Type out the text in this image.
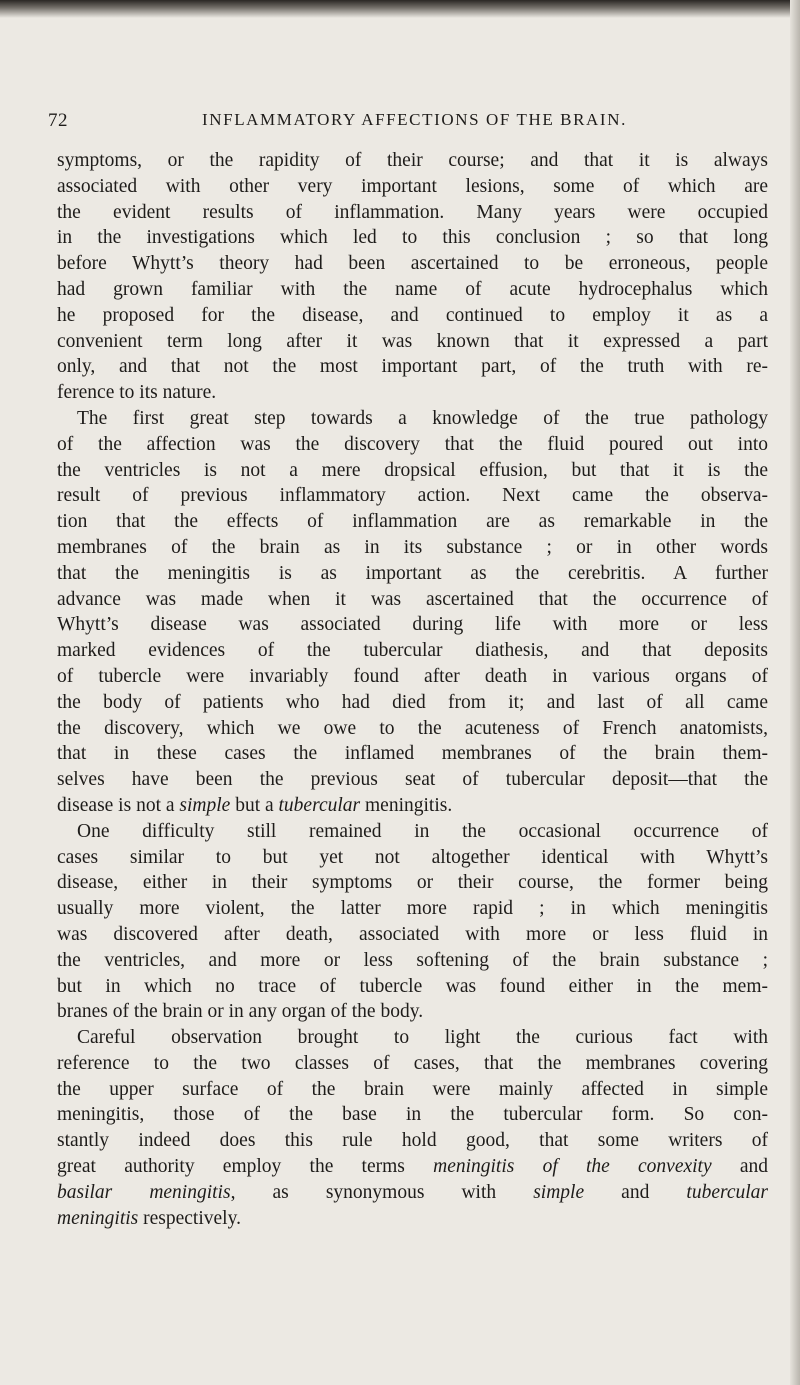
72	INFLAMMATORY AFFECTIONS OF THE BRAIN.
symptoms, or the rapidity of their course; and that it is always
associated with other very important lesions, some of which are
the evident results of inflammation. Many years were occupied
in the investigations which led to this conclusion ; so that long
before Whytt’s theory had been ascertained to be erroneous, people
had grown familiar with the name of acute hydrocephalus which
he proposed for the disease, and continued to employ it as a
convenient term long after it was known that it expressed a part
only, and that not the most important part, of the truth with re-
ference to its nature.
The first great step towards a knowledge of the true pathology
of the affection was the discovery that the fluid poured out into
the ventricles is not a mere dropsical effusion, but that it is the
result of previous inflammatory action. Next came the observa-
tion that the effects of inflammation are as remarkable in the
membranes of the brain as in its substance ; or in other words
that the meningitis is as important as the cerebritis. A further
advance was made when it was ascertained that the occurrence of
Whytt’s disease was associated during life with more or less
marked evidences of the tubercular diathesis, and that deposits
of tubercle were invariably found after death in various organs of
the body of patients who had died from it; and last of all came
the discovery, which we owe to the acuteness of French anatomists,
that in these cases the inflamed membranes of the brain them-
selves have been the previous seat of tubercular deposit—that the
disease is not a simple but a tubercular meningitis.
One difficulty still remained in the occasional occurrence of
cases similar to but yet not altogether identical with Whytt’s
disease, either in their symptoms or their course, the former being
usually more violent, the latter more rapid ; in which meningitis
was discovered after death, associated with more or less fluid in
the ventricles, and more or less softening of the brain substance ;
but in which no trace of tubercle was found either in the mem-
branes of the brain or in any organ of the body.
Careful observation brought to light the curious fact with
reference to the two classes of cases, that the membranes covering
the upper surface of the brain were mainly affected in simple
meningitis, those of the base in the tubercular form. So con-
stantly indeed does this rule hold good, that some writers of
great authority employ the terms meningitis of the convexity and
basilar meningitis, as synonymous with simple and tubercular
meningitis respectively.
